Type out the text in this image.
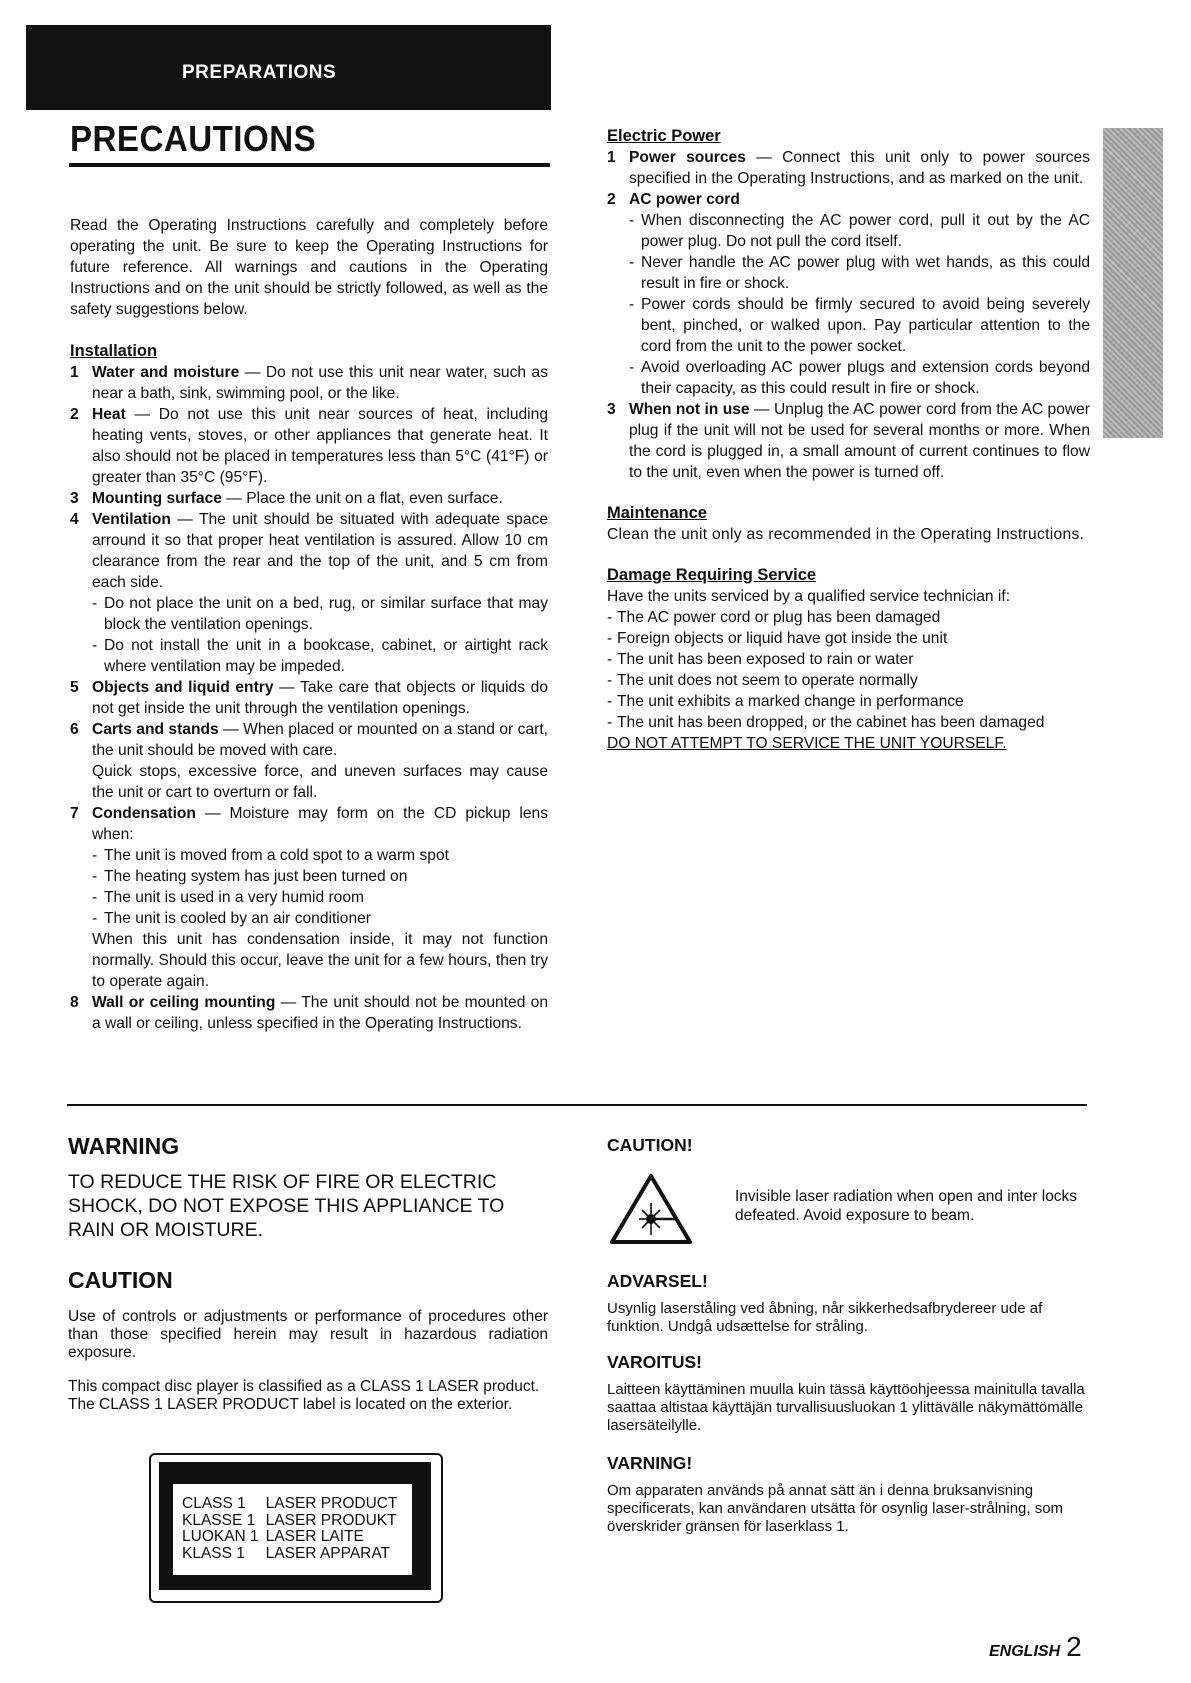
PREPARATIONS
PRECAUTIONS

Read the Operating Instructions carefully and completely before operating the unit. Be sure to keep the Operating Instructions for future reference. All warnings and cautions in the Operating Instructions and on the unit should be strictly followed, as well as the safety suggestions below.

Installation
1 Water and moisture — Do not use this unit near water, such as near a bath, sink, swimming pool, or the like.
2 Heat — Do not use this unit near sources of heat, including heating vents, stoves, or other appliances that generate heat. It also should not be placed in temperatures less than 5°C (41°F) or greater than 35°C (95°F).
3 Mounting surface — Place the unit on a flat, even surface.
4 Ventilation — The unit should be situated with adequate space arround it so that proper heat ventilation is assured. Allow 10 cm clearance from the rear and the top of the unit, and 5 cm from each side.
- Do not place the unit on a bed, rug, or similar surface that may block the ventilation openings.
- Do not install the unit in a bookcase, cabinet, or airtight rack where ventilation may be impeded.
5 Objects and liquid entry — Take care that objects or liquids do not get inside the unit through the ventilation openings.
6 Carts and stands — When placed or mounted on a stand or cart, the unit should be moved with care.
Quick stops, excessive force, and uneven surfaces may cause the unit or cart to overturn or fall.
7 Condensation — Moisture may form on the CD pickup lens when:
- The unit is moved from a cold spot to a warm spot
- The heating system has just been turned on
- The unit is used in a very humid room
- The unit is cooled by an air conditioner
When this unit has condensation inside, it may not function normally. Should this occur, leave the unit for a few hours, then try to operate again.
8 Wall or ceiling mounting — The unit should not be mounted on a wall or ceiling, unless specified in the Operating Instructions.
Electric Power
1 Power sources — Connect this unit only to power sources specified in the Operating Instructions, and as marked on the unit.
2 AC power cord
- When disconnecting the AC power cord, pull it out by the AC power plug. Do not pull the cord itself.
- Never handle the AC power plug with wet hands, as this could result in fire or shock.
- Power cords should be firmly secured to avoid being severely bent, pinched, or walked upon. Pay particular attention to the cord from the unit to the power socket.
- Avoid overloading AC power plugs and extension cords beyond their capacity, as this could result in fire or shock.
3 When not in use — Unplug the AC power cord from the AC power plug if the unit will not be used for several months or more. When the cord is plugged in, a small amount of current continues to flow to the unit, even when the power is turned off.
Maintenance

Clean the unit only as recommended in the Operating Instructions.

Damage Requiring Service

Have the units serviced by a qualified service technician if:

- The AC power cord or plug has been damaged
- Foreign objects or liquid have got inside the unit
- The unit has been exposed to rain or water
- The unit does not seem to operate normally
- The unit exhibits a marked change in performance
- The unit has been dropped, or the cabinet has been damaged

DO NOT ATTEMPT TO SERVICE THE UNIT YOURSELF.

WARNING

TO REDUCE THE RISK OF FIRE OR ELECTRIC SHOCK, DO NOT EXPOSE THIS APPLIANCE TO RAIN OR MOISTURE.

CAUTION

Use of controls or adjustments or performance of procedures other than those specified herein may result in hazardous radiation exposure.

This compact disc player is classified as a CLASS 1 LASER product.

The CLASS 1 LASER PRODUCT label is located on the exterior.

CLASS 1	LASER PRODUCT
KLASSE 1	LASER PRODUKT
LUOKAN 1	LASER LAITE
KLASS 1	LASER APPARAT
CAUTION!

Invisible laser radiation when open and inter locks defeated. Avoid exposure to beam.

ADVARSEL!

Usynlig laserståling ved åbning, når sikkerhedsafbrydereer ude af funktion. Undgå udsættelse for stråling.

VAROITUS!

Laitteen käyttäminen muulla kuin tässä käyttöohjeessa mainitulla tavalla saattaa altistaa käyttäjän turvallisuusluokan 1 ylittävälle näkymättömälle lasersäteilylle.

VARNING!

Om apparaten används på annat sätt än i denna bruksanvisning specificerats, kan användaren utsätta för osynlig laser-strålning, som överskrider gränsen för laserklass 1.

ENGLISH 2
